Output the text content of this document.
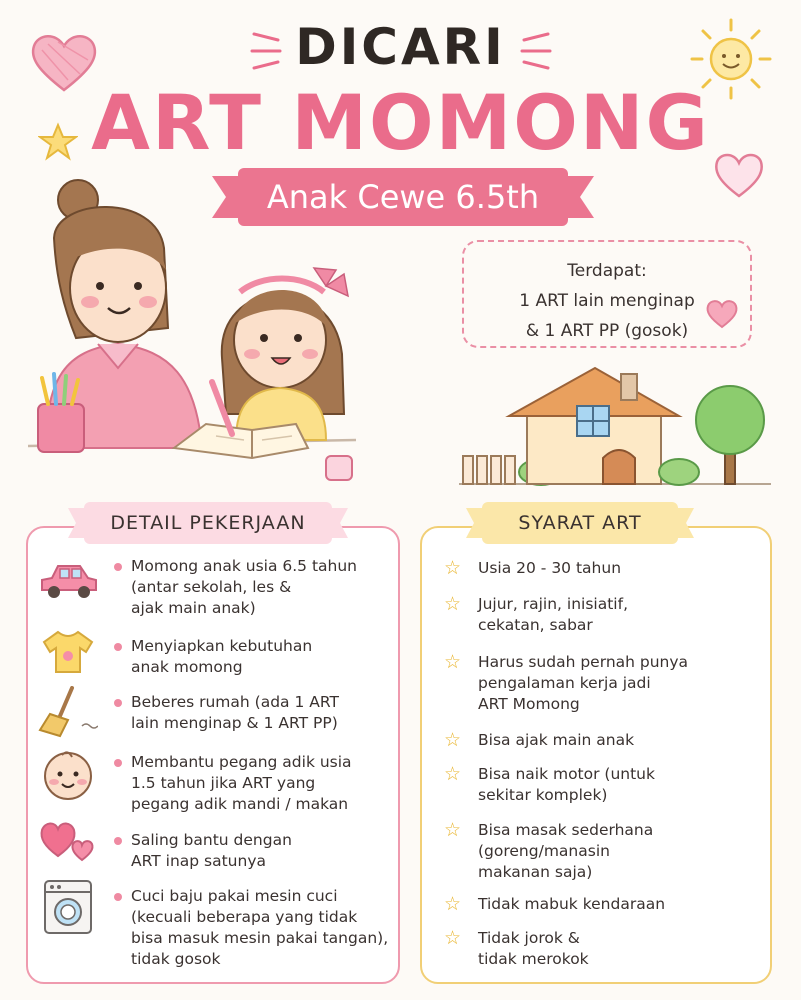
DICARI
ART MOMONG
Anak Cewe 6.5th
Terdapat:
1 ART lain menginap
& 1 ART PP (gosok)
DETAIL PEKERJAAN	SYARAT ART
Momong anak usia 6.5 tahun
(antar sekolah, les &
ajak main anak)
Menyiapkan kebutuhan
anak momong
Beberes rumah (ada 1 ART
lain menginap & 1 ART PP)
Membantu pegang adik usia
1.5 tahun jika ART yang
pegang adik mandi / makan
Saling bantu dengan
ART inap satunya
Cuci baju pakai mesin cuci
(kecuali beberapa yang tidak
bisa masuk mesin pakai tangan),
tidak gosok
☆ Usia 20 - 30 tahun
☆ Jujur, rajin, inisiatif,
cekatan, sabar
☆ Harus sudah pernah punya
pengalaman kerja jadi
ART Momong
☆ Bisa ajak main anak
☆ Bisa naik motor (untuk
sekitar komplek)
☆ Bisa masak sederhana
(goreng/manasin
makanan saja)
☆ Tidak mabuk kendaraan
☆ Tidak jorok &
tidak merokok
